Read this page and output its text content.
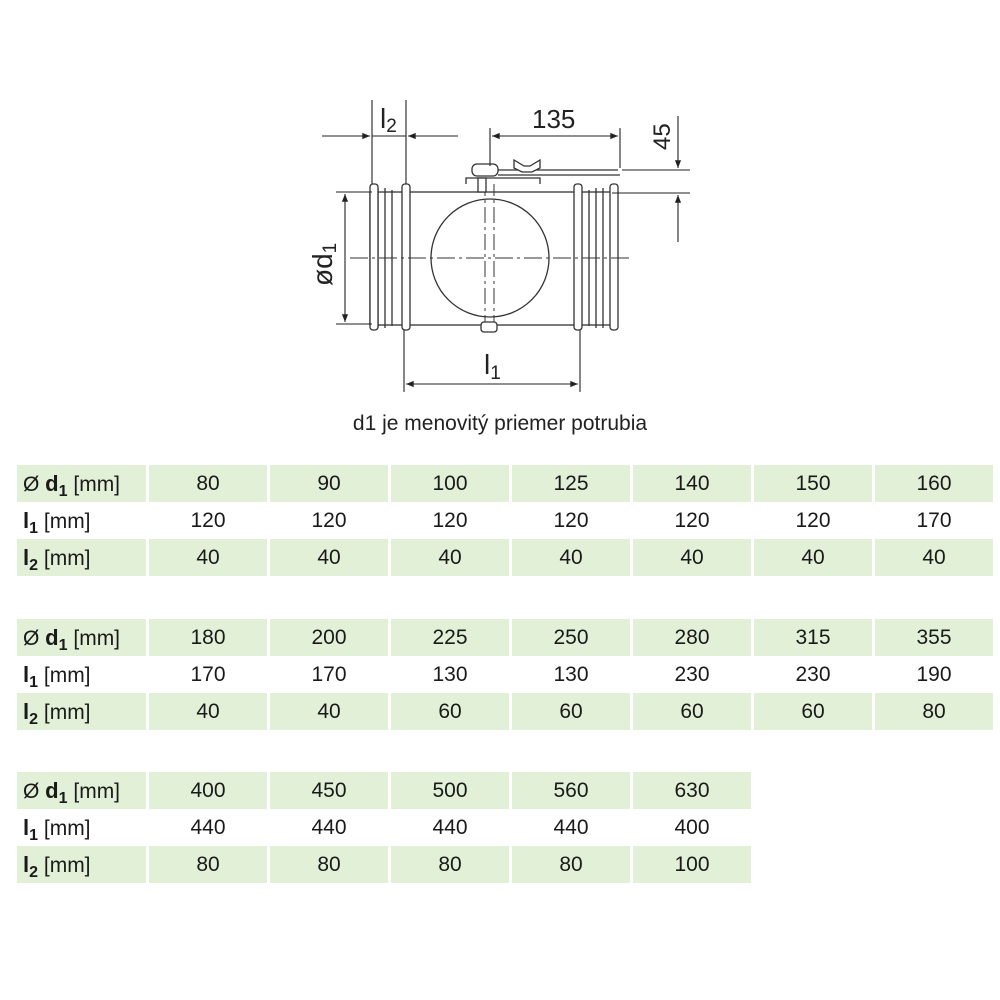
l2	135
45
ød1
l1
d1 je menovitý priemer potrubia
Ø $d_1$ [mm]	80	90	100	125	140	150	160
$l_1$ [mm]	120	120	120	120	120	120	170
$l_2$ [mm]	40	40	40	40	40	40	40
Ø $d_1$ [mm]	180	200	225	250	280	315	355
$l_1$ [mm]	170	170	130	130	230	230	190
$l_2$ [mm]	40	40	60	60	60	60	80
Ø $d_1$ [mm]	400	450	500	560	630		
$l_1$ [mm]	440	440	440	440	400		
$l_2$ [mm]	80	80	80	80	100		
